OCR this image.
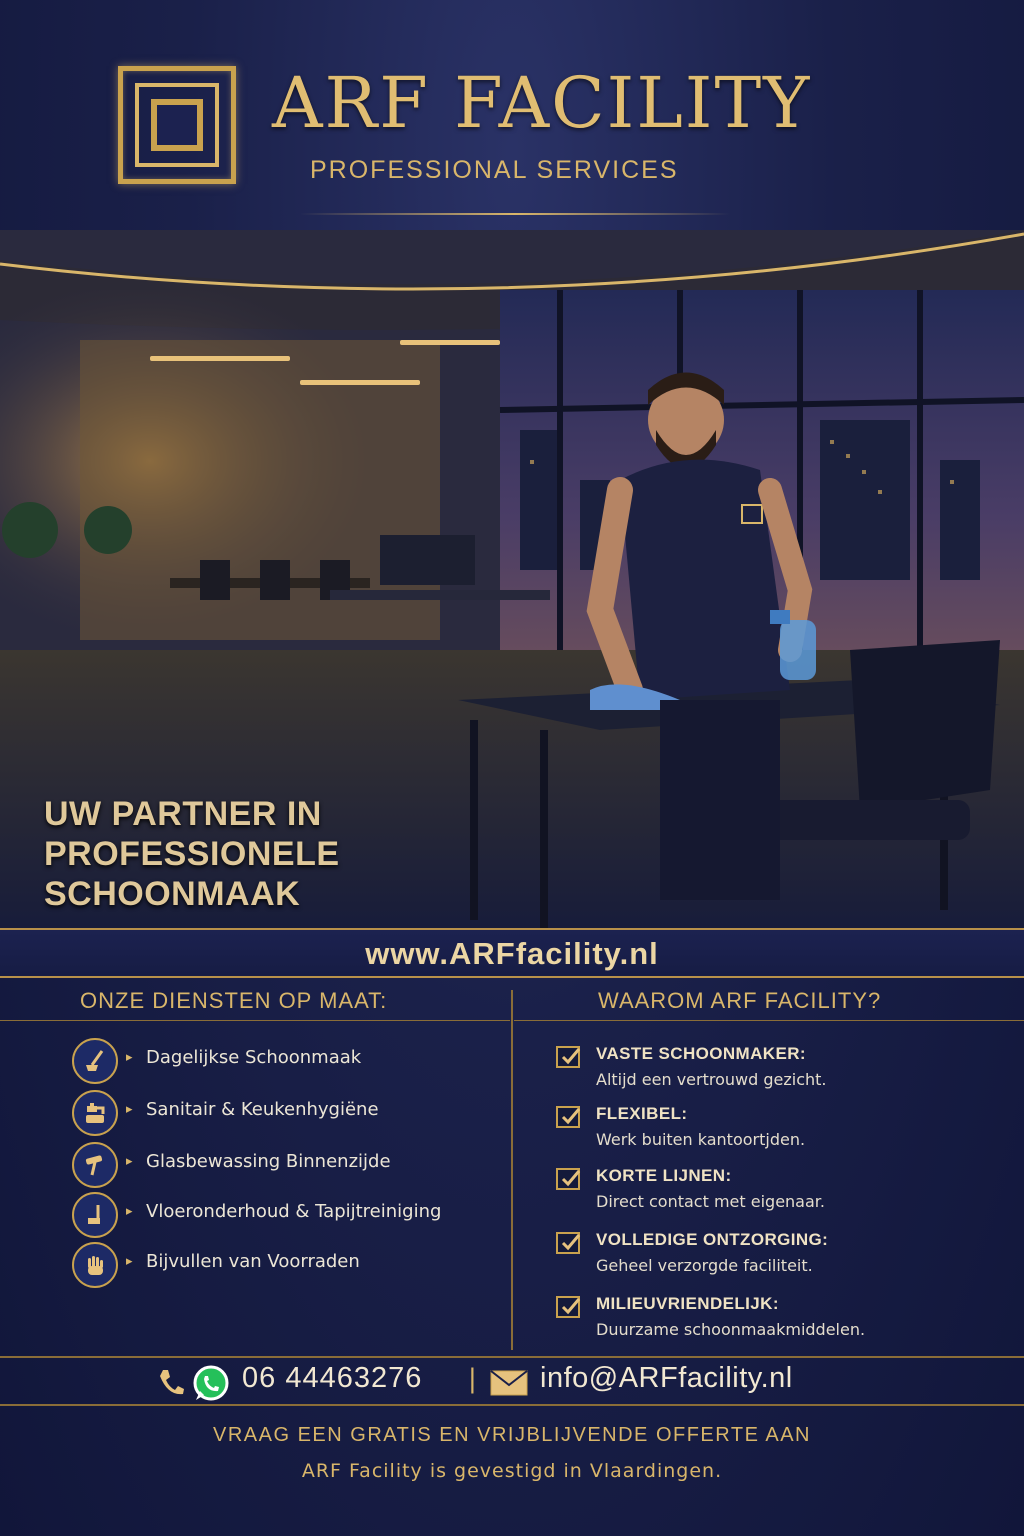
ARF FACILITY
PROFESSIONAL SERVICES
UW PARTNER IN
PROFESSIONELE
SCHOONMAAK
www.ARFfacility.nl
ONZE DIENSTEN OP MAAT:
▸ Dagelijkse Schoonmaak
▸ Sanitair & Keukenhygiëne
▸ Glasbewassing Binnenzijde
▸ Vloeronderhoud & Tapijtreiniging
▸ Bijvullen van Voorraden
WAAROM ARF FACILITY?
VASTE SCHOONMAKER:
Altijd een vertrouwd gezicht.
FLEXIBEL:
Werk buiten kantoortjden.
KORTE LIJNEN:
Direct contact met eigenaar.
VOLLEDIGE ONTZORGING:
Geheel verzorgde faciliteit.
MILIEUVRIENDELIJK:
Duurzame schoonmaakmiddelen.
06 44463276 | info@ARFfacility.nl
VRAAG EEN GRATIS EN VRIJBLIJVENDE OFFERTE AAN
ARF Facility is gevestigd in Vlaardingen.
